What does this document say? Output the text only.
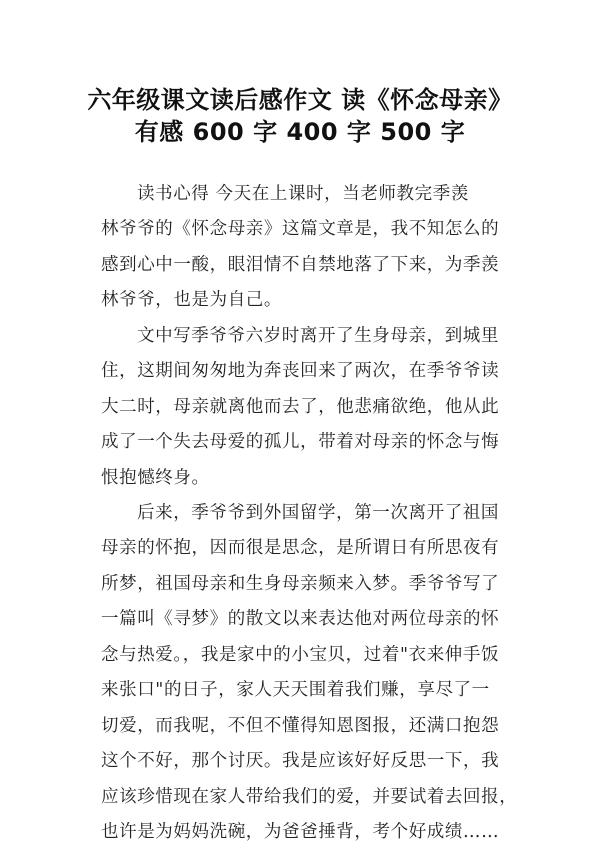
六年级课文读后感作文 读《怀念母亲》
有感 600 字 400 字 500 字
读书心得 今天在上课时，当老师教完季羡
林爷爷的《怀念母亲》这篇文章是，我不知怎么的
感到心中一酸，眼泪情不自禁地落了下来，为季羡
林爷爷，也是为自己。
文中写季爷爷六岁时离开了生身母亲，到城里
住，这期间匆匆地为奔丧回来了两次，在季爷爷读
大二时，母亲就离他而去了，他悲痛欲绝，他从此
成了一个失去母爱的孤儿，带着对母亲的怀念与悔
恨抱憾终身。
后来，季爷爷到外国留学，第一次离开了祖国
母亲的怀抱，因而很是思念，是所谓日有所思夜有
所梦，祖国母亲和生身母亲频来入梦。季爷爷写了
一篇叫《寻梦》的散文以来表达他对两位母亲的怀
念与热爱。，我是家中的小宝贝，过着"衣来伸手饭
来张口"的日子，家人天天围着我们赚，享尽了一
切爱，而我呢，不但不懂得知恩图报，还满口抱怨
这个不好，那个讨厌。我是应该好好反思一下，我
应该珍惜现在家人带给我们的爱，并要试着去回报，
也许是为妈妈洗碗，为爸爸捶背，考个好成绩……
